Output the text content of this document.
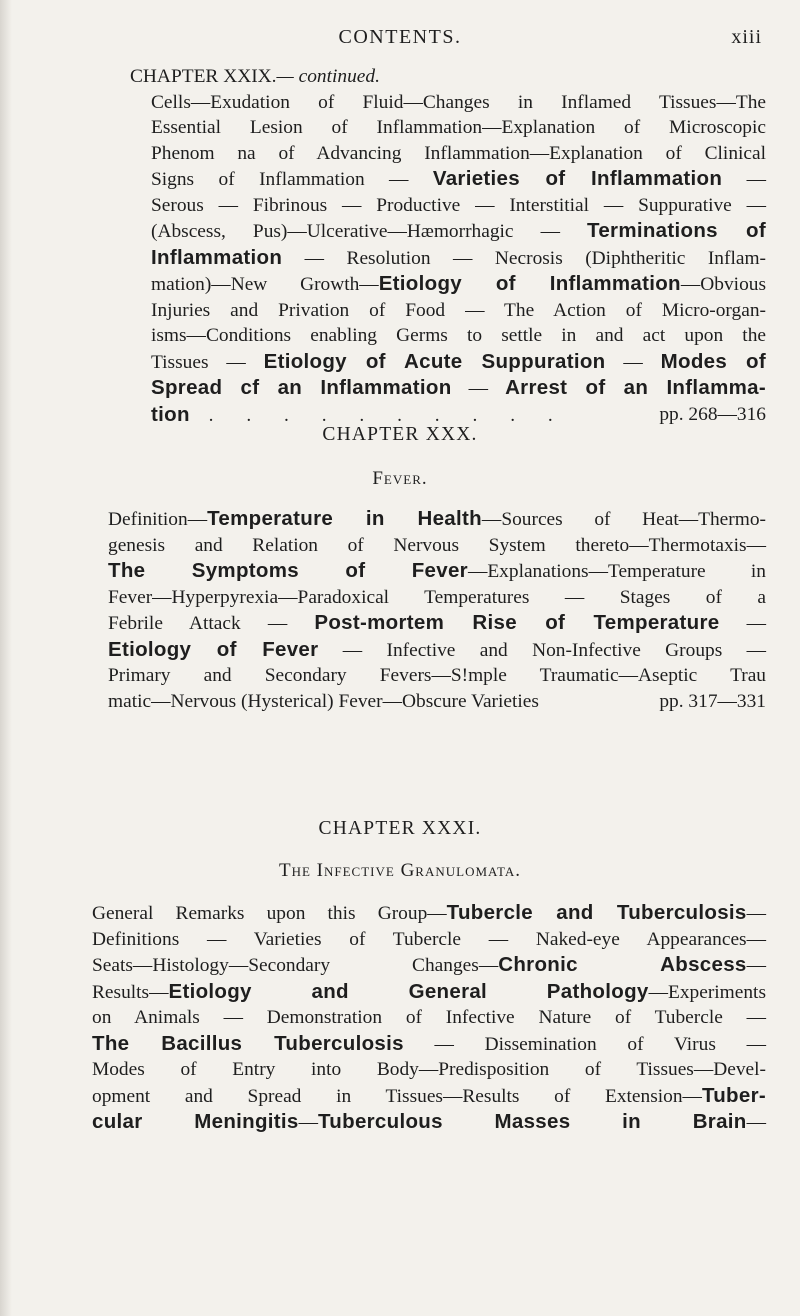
CONTENTS.	xiii
CHAPTER XXIX.— continued.
Cells—Exudation of Fluid—Changes in Inflamed Tissues—The
Essential Lesion of Inflammation—Explanation of Microscopic
Phenom na of Advancing Inflammation—Explanation of Clinical
Signs of Inflammation — Varieties of Inflammation —
Serous — Fibrinous — Productive — Interstitial — Suppurative —
(Abscess, Pus)—Ulcerative—Hæmorrhagic — Terminations of
Inflammation — Resolution — Necrosis (Diphtheritic Inflam-
mation)—New Growth—Etiology of Inflammation—Obvious
Injuries and Privation of Food — The Action of Micro-organ-
isms—Conditions enabling Germs to settle in and act upon the
Tissues — Etiology of Acute Suppuration — Modes of
Spread cf an Inflammation — Arrest of an Inflamma-
tion . . . . . . . . . .	pp. 268—316
CHAPTER XXX.
Fever.
Definition—Temperature in Health—Sources of Heat—Thermo-
genesis and Relation of Nervous System thereto—Thermotaxis—
The Symptoms of Fever—Explanations—Temperature in
Fever—Hyperpyrexia—Paradoxical Temperatures — Stages of a
Febrile Attack — Post-mortem Rise of Temperature —
Etiology of Fever — Infective and Non-Infective Groups —
Primary and Secondary Fevers—S!mple Traumatic—Aseptic Trau
matic—Nervous (Hysterical) Fever—Obscure Varieties	pp. 317—331
CHAPTER XXXI.
The Infective Granulomata.
General Remarks upon this Group—Tubercle and Tuberculosis—
Definitions — Varieties of Tubercle — Naked-eye Appearances—
Seats—Histology—Secondary Changes—Chronic Abscess—
Results—Etiology and General Pathology—Experiments
on Animals — Demonstration of Infective Nature of Tubercle —
The Bacillus Tuberculosis — Dissemination of Virus —
Modes of Entry into Body—Predisposition of Tissues—Devel-
opment and Spread in Tissues—Results of Extension—Tuber-
cular Meningitis—Tuberculous Masses in Brain—
